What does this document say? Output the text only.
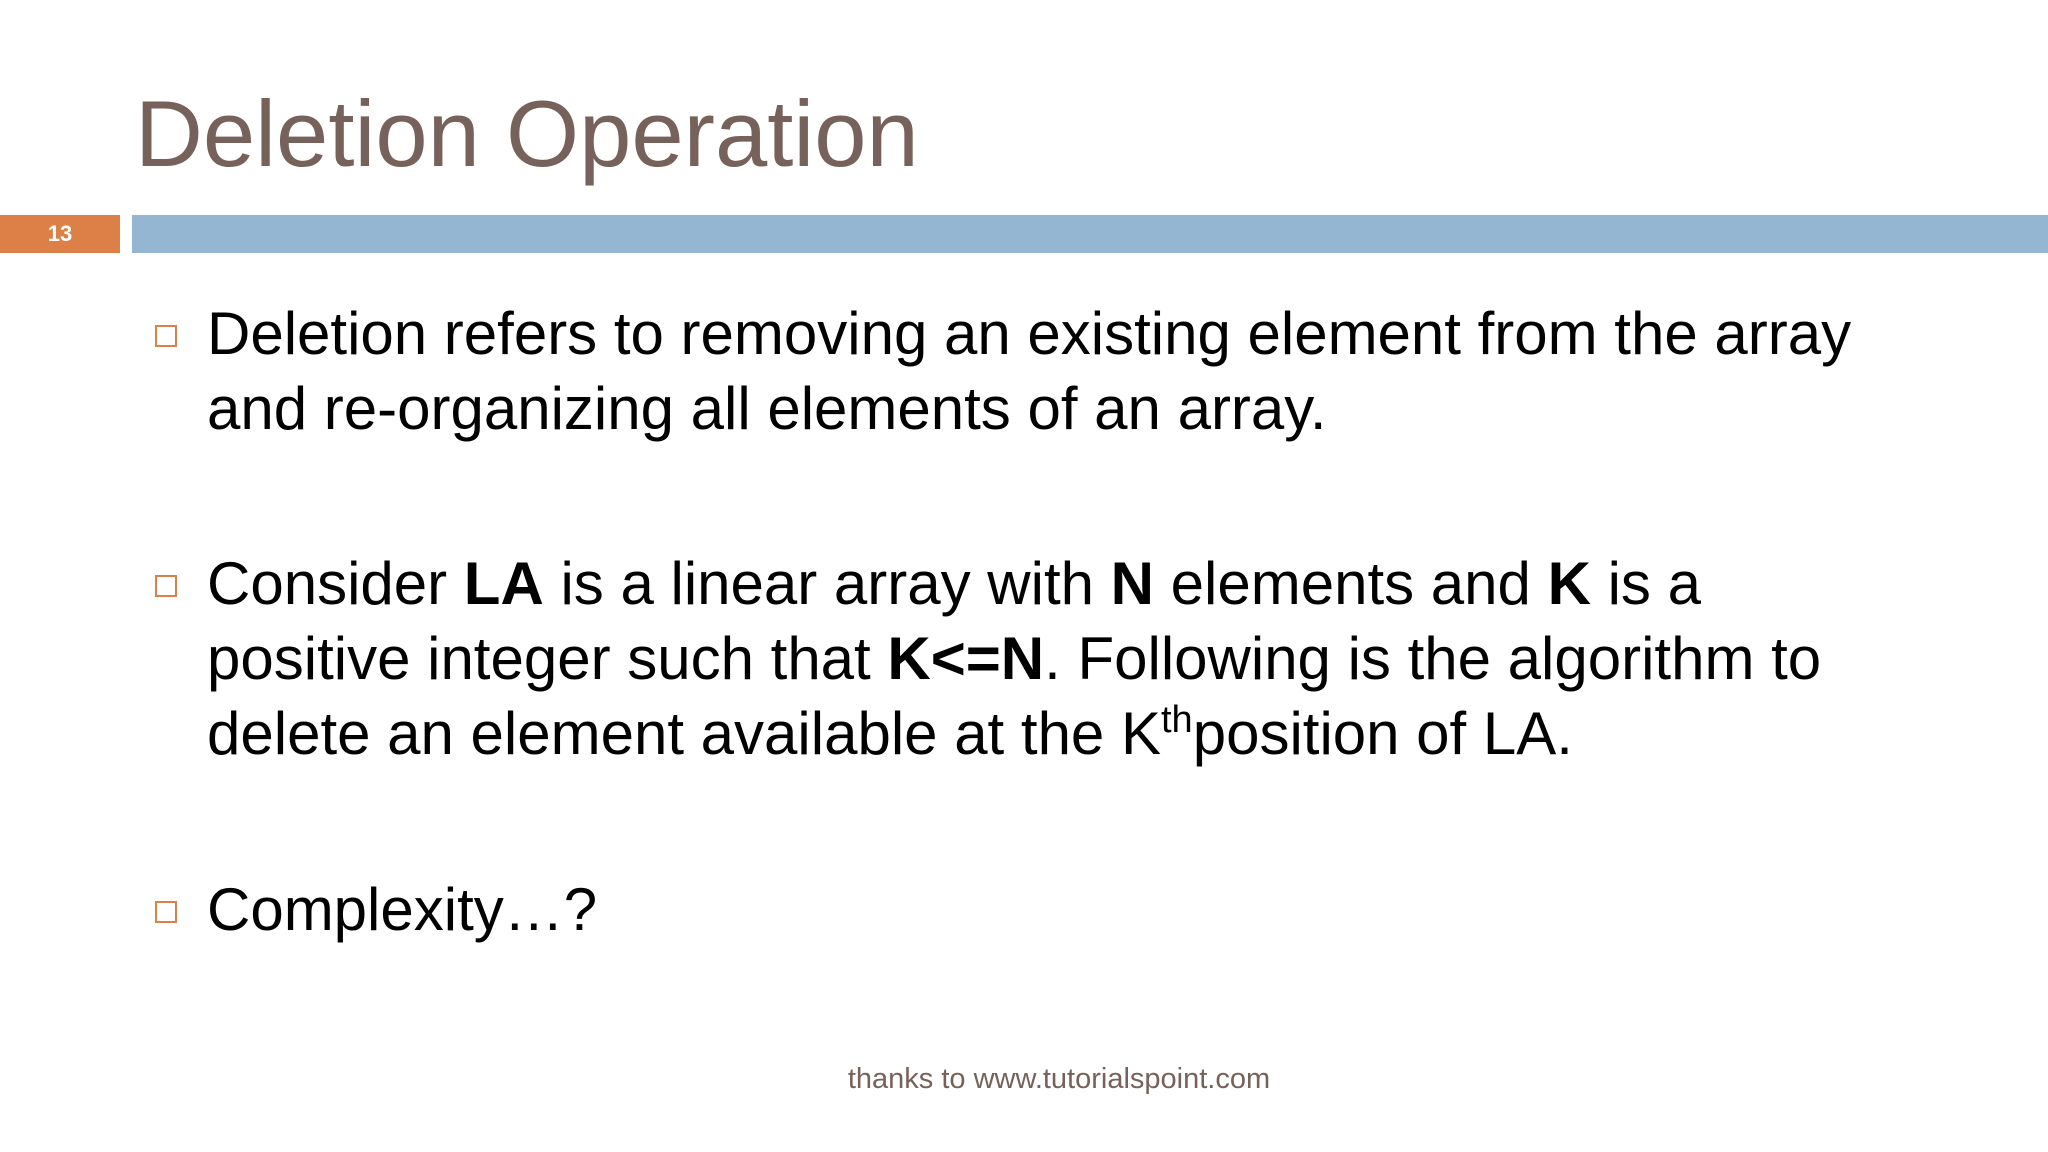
Deletion Operation
13
Deletion refers to removing an existing element from the array and re-organizing all elements of an array.
Consider LA is a linear array with N elements and K is a positive integer such that K<=N. Following is the algorithm to delete an element available at the $K^{th}position$ of LA.
Complexity…?
thanks to www.tutorialspoint.com
